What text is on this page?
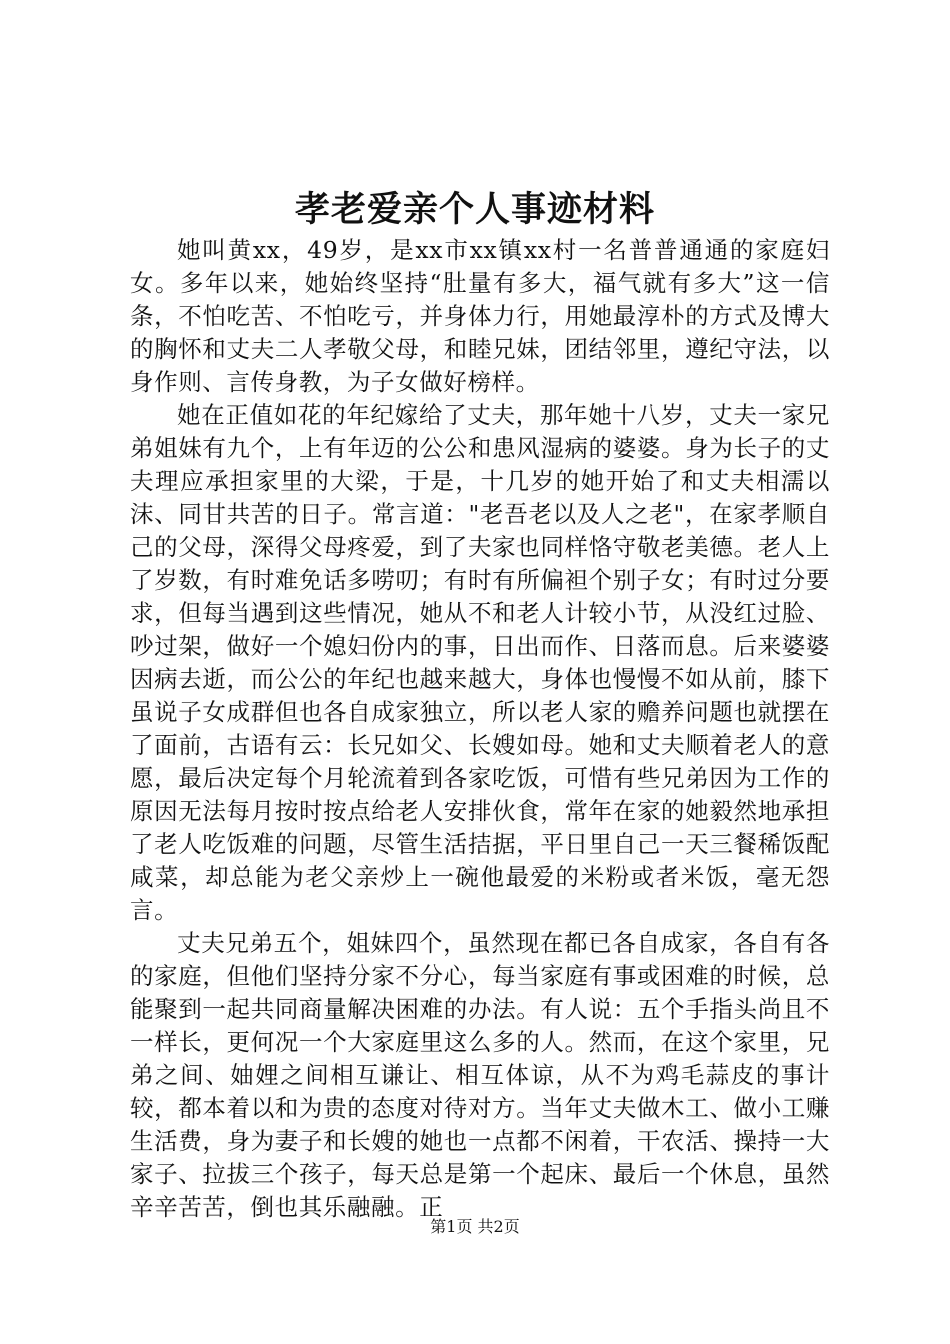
孝老爱亲个人事迹材料

她叫黄xx，49岁，是xx市xx镇xx村一名普普通通的家庭妇女。多年以来，她始终坚持“肚量有多大，福气就有多大”这一信条，不怕吃苦、不怕吃亏，并身体力行，用她最淳朴的方式及博大的胸怀和丈夫二人孝敬父母，和睦兄妹，团结邻里，遵纪守法，以身作则、言传身教，为子女做好榜样。

她在正值如花的年纪嫁给了丈夫，那年她十八岁，丈夫一家兄弟姐妹有九个，上有年迈的公公和患风湿病的婆婆。身为长子的丈夫理应承担家里的大梁，于是，十几岁的她开始了和丈夫相濡以沫、同甘共苦的日子。常言道："老吾老以及人之老"，在家孝顺自己的父母，深得父母疼爱，到了夫家也同样恪守敬老美德。老人上了岁数，有时难免话多唠叨；有时有所偏袒个别子女；有时过分要求，但每当遇到这些情况，她从不和老人计较小节，从没红过脸、吵过架，做好一个媳妇份内的事，日出而作、日落而息。后来婆婆因病去逝，而公公的年纪也越来越大，身体也慢慢不如从前，膝下虽说子女成群但也各自成家独立，所以老人家的赡养问题也就摆在了面前，古语有云：长兄如父、长嫂如母。她和丈夫顺着老人的意愿，最后决定每个月轮流着到各家吃饭，可惜有些兄弟因为工作的原因无法每月按时按点给老人安排伙食，常年在家的她毅然地承担了老人吃饭难的问题，尽管生活拮据，平日里自己一天三餐稀饭配咸菜，却总能为老父亲炒上一碗他最爱的米粉或者米饭，毫无怨言。

丈夫兄弟五个，姐妹四个，虽然现在都已各自成家，各自有各的家庭，但他们坚持分家不分心，每当家庭有事或困难的时候，总能聚到一起共同商量解决困难的办法。有人说：五个手指头尚且不一样长，更何况一个大家庭里这么多的人。然而，在这个家里，兄弟之间、妯娌之间相互谦让、相互体谅，从不为鸡毛蒜皮的事计较，都本着以和为贵的态度对待对方。当年丈夫做木工、做小工赚生活费，身为妻子和长嫂的她也一点都不闲着，干农活、操持一大家子、拉拔三个孩子，每天总是第一个起床、最后一个休息，虽然辛辛苦苦，倒也其乐融融。正

第1页 共2页
